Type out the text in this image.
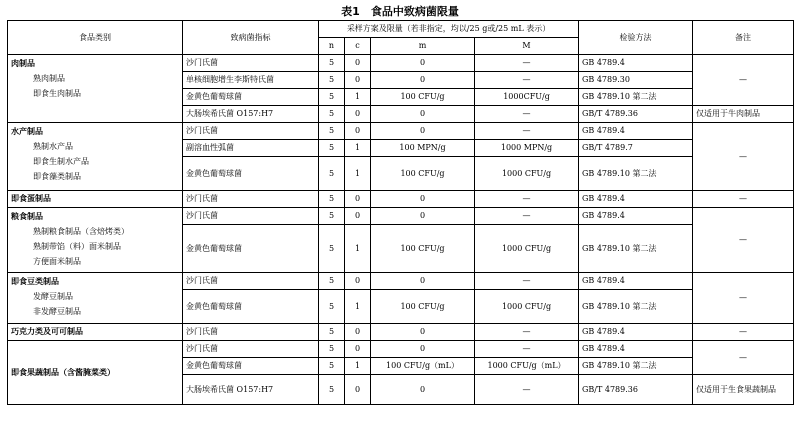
表1　食品中致病菌限量
食品类别	致病菌指标	采样方案及限量（若非指定，均以/25 g或/25 mL 表示）				检验方法	备注
		n	c	m	M		

肉制品
熟肉制品
即食生肉制品	沙门氏菌	5	0	0	—	GB 4789.4	—
	单核细胞增生李斯特氏菌	5	0	0	—	GB 4789.30	
	金黄色葡萄球菌	5	1	100 CFU/g	1000CFU/g	GB 4789.10 第二法	
	大肠埃希氏菌 O157:H7	5	0	0	—	GB/T 4789.36	仅适用于牛肉制品

水产制品
熟制水产品
即食生制水产品
即食藻类制品	沙门氏菌	5	0	0	—	GB 4789.4	—
	副溶血性弧菌	5	1	100 MPN/g	1000 MPN/g	GB/T 4789.7	
	金黄色葡萄球菌	5	1	100 CFU/g	1000 CFU/g	GB 4789.10 第二法	
即食蛋制品	沙门氏菌	5	0	0	—	GB 4789.4	—

粮食制品
熟制粮食制品（含焙烤类）
熟制带馅（料）面米制品
方便面米制品	沙门氏菌	5	0	0	—	GB 4789.4	—
	金黄色葡萄球菌	5	1	100 CFU/g	1000 CFU/g	GB 4789.10 第二法	

即食豆类制品
发酵豆制品
非发酵豆制品	沙门氏菌	5	0	0	—	GB 4789.4	—
	金黄色葡萄球菌	5	1	100 CFU/g	1000 CFU/g	GB 4789.10 第二法	
巧克力类及可可制品	沙门氏菌	5	0	0	—	GB 4789.4	—
即食果蔬制品（含酱腌菜类）	沙门氏菌	5	0	0	—	GB 4789.4	—
	金黄色葡萄球菌	5	1	100 CFU/g（mL）	1000 CFU/g（mL）	GB 4789.10 第二法	
	大肠埃希氏菌 O157:H7	5	0	0	—	GB/T 4789.36	仅适用于生食果蔬制品
